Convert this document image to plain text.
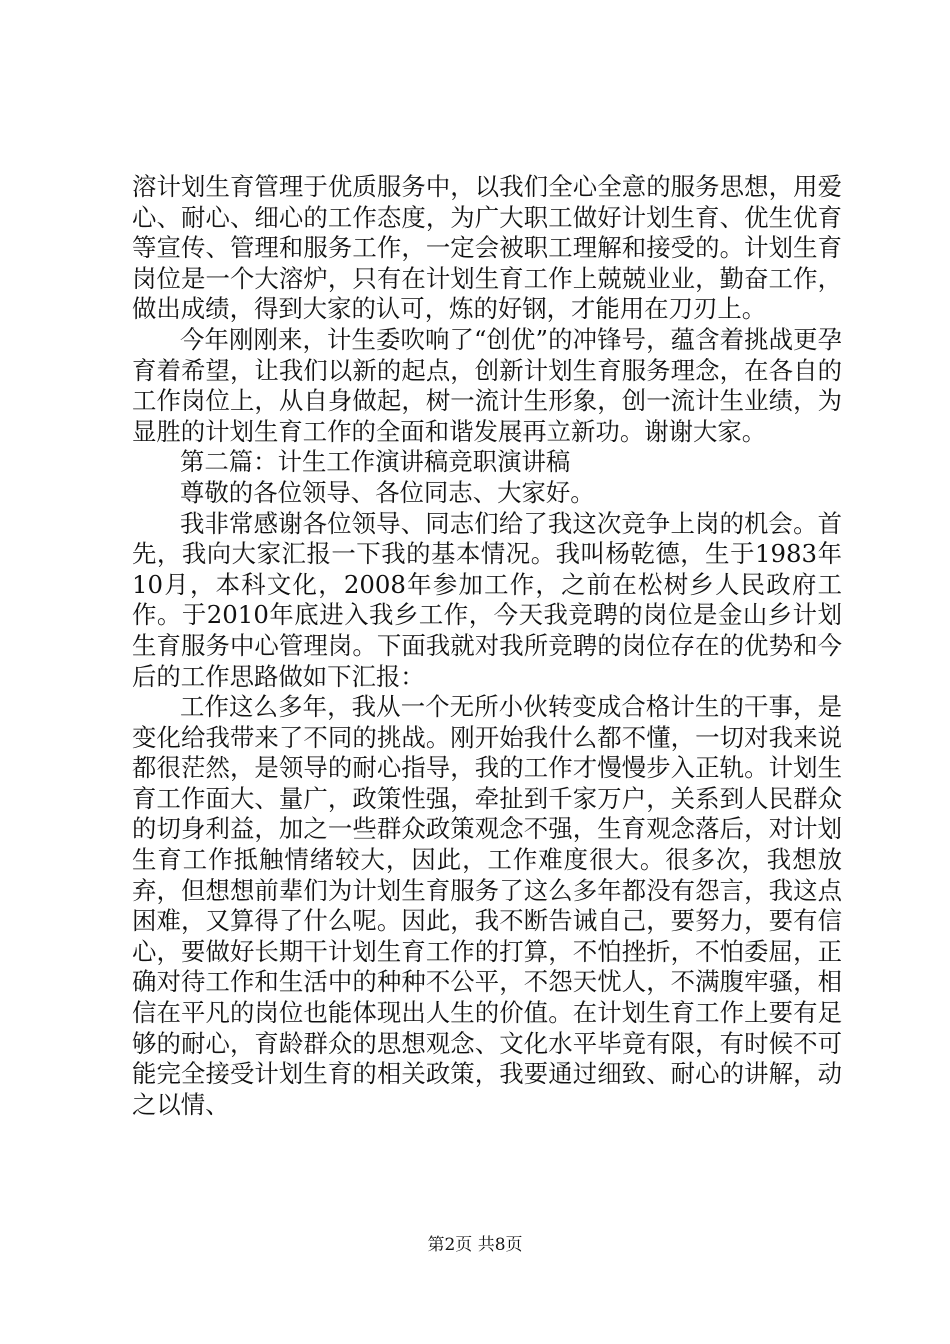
溶计划生育管理于优质服务中，以我们全心全意的服务思想，用爱心、耐心、细心的工作态度，为广大职工做好计划生育、优生优育等宣传、管理和服务工作，一定会被职工理解和接受的。计划生育岗位是一个大溶炉，只有在计划生育工作上兢兢业业，勤奋工作，做出成绩，得到大家的认可，炼的好钢，才能用在刀刃上。

今年刚刚来，计生委吹响了“创优”的冲锋号，蕴含着挑战更孕育着希望，让我们以新的起点，创新计划生育服务理念，在各自的工作岗位上，从自身做起，树一流计生形象，创一流计生业绩，为显胜的计划生育工作的全面和谐发展再立新功。谢谢大家。

第二篇：计生工作演讲稿竞职演讲稿

尊敬的各位领导、各位同志、大家好。

我非常感谢各位领导、同志们给了我这次竞争上岗的机会。首先，我向大家汇报一下我的基本情况。我叫杨乾德，生于1983年10月，本科文化，2008年参加工作，之前在松树乡人民政府工作。于2010年底进入我乡工作，今天我竞聘的岗位是金山乡计划生育服务中心管理岗。下面我就对我所竞聘的岗位存在的优势和今后的工作思路做如下汇报：

工作这么多年，我从一个无所小伙转变成合格计生的干事，是变化给我带来了不同的挑战。刚开始我什么都不懂，一切对我来说都很茫然，是领导的耐心指导，我的工作才慢慢步入正轨。计划生育工作面大、量广，政策性强，牵扯到千家万户，关系到人民群众的切身利益，加之一些群众政策观念不强，生育观念落后，对计划生育工作抵触情绪较大，因此，工作难度很大。很多次，我想放弃，但想想前辈们为计划生育服务了这么多年都没有怨言，我这点困难，又算得了什么呢。因此，我不断告诫自己，要努力，要有信心，要做好长期干计划生育工作的打算，不怕挫折，不怕委屈，正确对待工作和生活中的种种不公平，不怨天忧人，不满腹牢骚，相信在平凡的岗位也能体现出人生的价值。在计划生育工作上要有足够的耐心，育龄群众的思想观念、文化水平毕竟有限，有时候不可能完全接受计划生育的相关政策，我要通过细致、耐心的讲解，动之以情、

第2页 共8页
